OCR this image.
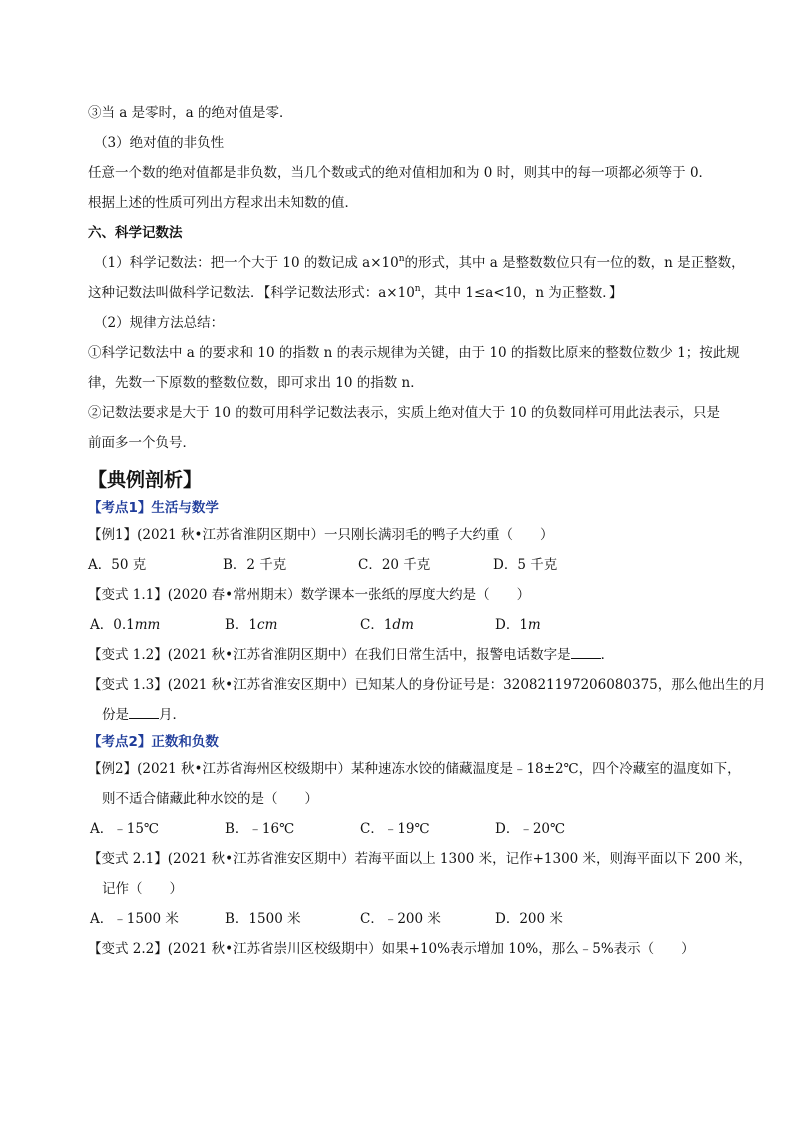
③当 a 是零时，a 的绝对值是零．
（3）绝对值的非负性
任意一个数的绝对值都是非负数，当几个数或式的绝对值相加和为 0 时，则其中的每一项都必须等于 0．
根据上述的性质可列出方程求出未知数的值．
六、科学记数法
（1）科学记数法：把一个大于 10 的数记成 $a\times 10^n$的形式，其中 a 是整数数位只有一位的数，n 是正整数，
这种记数法叫做科学记数法．【科学记数法形式：$a\times 10^n$，其中 1≤a<10，n 为正整数．】
（2）规律方法总结：
①科学记数法中 a 的要求和 10 的指数 n 的表示规律为关键，由于 10 的指数比原来的整数位数少 1；按此规
律，先数一下原数的整数位数，即可求出 10 的指数 n．
②记数法要求是大于 10 的数可用科学记数法表示，实质上绝对值大于 10 的负数同样可用此法表示，只是
前面多一个负号．
【典例剖析】
【考点1】生活与数学
【例1】(2021 秋•江苏省淮阴区期中）一只刚长满羽毛的鸭子大约重（　　）
A．50 克	B．2 千克	C．20 千克	D．5 千克
【变式 1.1】(2020 春•常州期末）数学课本一张纸的厚度大约是（　　）
A．0.1mm	B．1cm	C．1dm	D．1m
【变式 1.2】(2021 秋•江苏省淮阴区期中）在我们日常生活中，报警电话数字是 ．
【变式 1.3】(2021 秋•江苏省淮安区期中）已知某人的身份证号是：320821197206080375，那么他出生的月
份是 月．
【考点2】正数和负数
【例2】(2021 秋•江苏省海州区校级期中）某种速冻水饺的储藏温度是﹣18±2℃，四个冷藏室的温度如下，
则不适合储藏此种水饺的是（　　）
A．﹣15℃	B．﹣16℃	C．﹣19℃	D．﹣20℃
【变式 2.1】(2021 秋•江苏省淮安区期中）若海平面以上 1300 米，记作+1300 米，则海平面以下 200 米，
记作（　　）
A．﹣1500 米	B．1500 米	C．﹣200 米	D．200 米
【变式 2.2】(2021 秋•江苏省崇川区校级期中）如果+10%表示增加 10%，那么﹣5%表示（　　）
